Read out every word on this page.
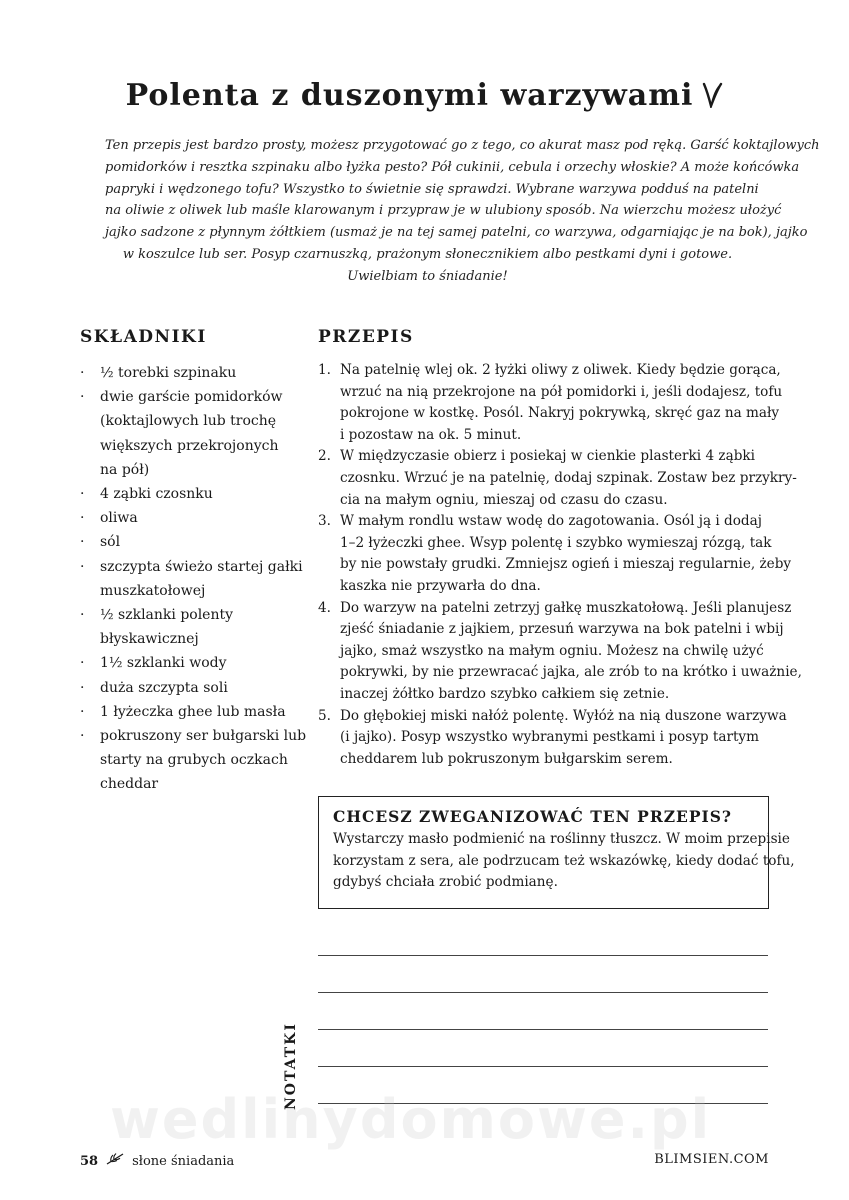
Polenta z duszonymi warzywami

Ten przepis jest bardzo prosty, możesz przygotować go z tego, co akurat masz pod ręką. Garść koktajlowych

pomidorków i resztka szpinaku albo łyżka pesto? Pół cukinii, cebula i orzechy włoskie? A może końcówka

papryki i wędzonego tofu? Wszystko to świetnie się sprawdzi. Wybrane warzywa podduś na patelni

na oliwie z oliwek lub maśle klarowanym i przypraw je w ulubiony sposób. Na wierzchu możesz ułożyć

jajko sadzone z płynnym żółtkiem (usmaż je na tej samej patelni, co warzywa, odgarniając je na bok), jajko

w koszulce lub ser. Posyp czarnuszką, prażonym słonecznikiem albo pestkami dyni i gotowe.

Uwielbiam to śniadanie!

SKŁADNIKI	PRZEPIS
· ½ torebki szpinaku
· dwie garście pomidorków
(koktajlowych lub trochę
większych przekrojonych
na pół)
· 4 ząbki czosnku
· oliwa
· sól
· szczypta świeżo startej gałki
muszkatołowej
· ½ szklanki polenty
błyskawicznej
· 1½ szklanki wody
· duża szczypta soli
· 1 łyżeczka ghee lub masła
· pokruszony ser bułgarski lub
starty na grubych oczkach
cheddar
1. Na patelnię wlej ok. 2 łyżki oliwy z oliwek. Kiedy będzie gorąca,
wrzuć na nią przekrojone na pół pomidorki i, jeśli dodajesz, tofu
pokrojone w kostkę. Posól. Nakryj pokrywką, skręć gaz na mały
i pozostaw na ok. 5 minut.
2. W międzyczasie obierz i posiekaj w cienkie plasterki 4 ząbki
czosnku. Wrzuć je na patelnię, dodaj szpinak. Zostaw bez przykry-
cia na małym ogniu, mieszaj od czasu do czasu.
3. W małym rondlu wstaw wodę do zagotowania. Osól ją i dodaj
1–2 łyżeczki ghee. Wsyp polentę i szybko wymieszaj rózgą, tak
by nie powstały grudki. Zmniejsz ogień i mieszaj regularnie, żeby
kaszka nie przywarła do dna.
4. Do warzyw na patelni zetrzyj gałkę muszkatołową. Jeśli planujesz
zjeść śniadanie z jajkiem, przesuń warzywa na bok patelni i wbij
jajko, smaż wszystko na małym ogniu. Możesz na chwilę użyć
pokrywki, by nie przewracać jajka, ale zrób to na krótko i uważnie,
inaczej żółtko bardzo szybko całkiem się zetnie.
5. Do głębokiej miski nałóż polentę. Wyłóż na nią duszone warzywa
(i jajko). Posyp wszystko wybranymi pestkami i posyp tartym
cheddarem lub pokruszonym bułgarskim serem.
CHCESZ ZWEGANIZOWAĆ TEN PRZEPIS?
Wystarczy masło podmienić na roślinny tłuszcz. W moim przepisie
korzystam z sera, ale podrzucam też wskazówkę, kiedy dodać tofu,
gdybyś chciała zrobić podmianę.
NOTATKI
wedlinydomowe.pl
58	słone śniadania	BLIMSIEN.COM
